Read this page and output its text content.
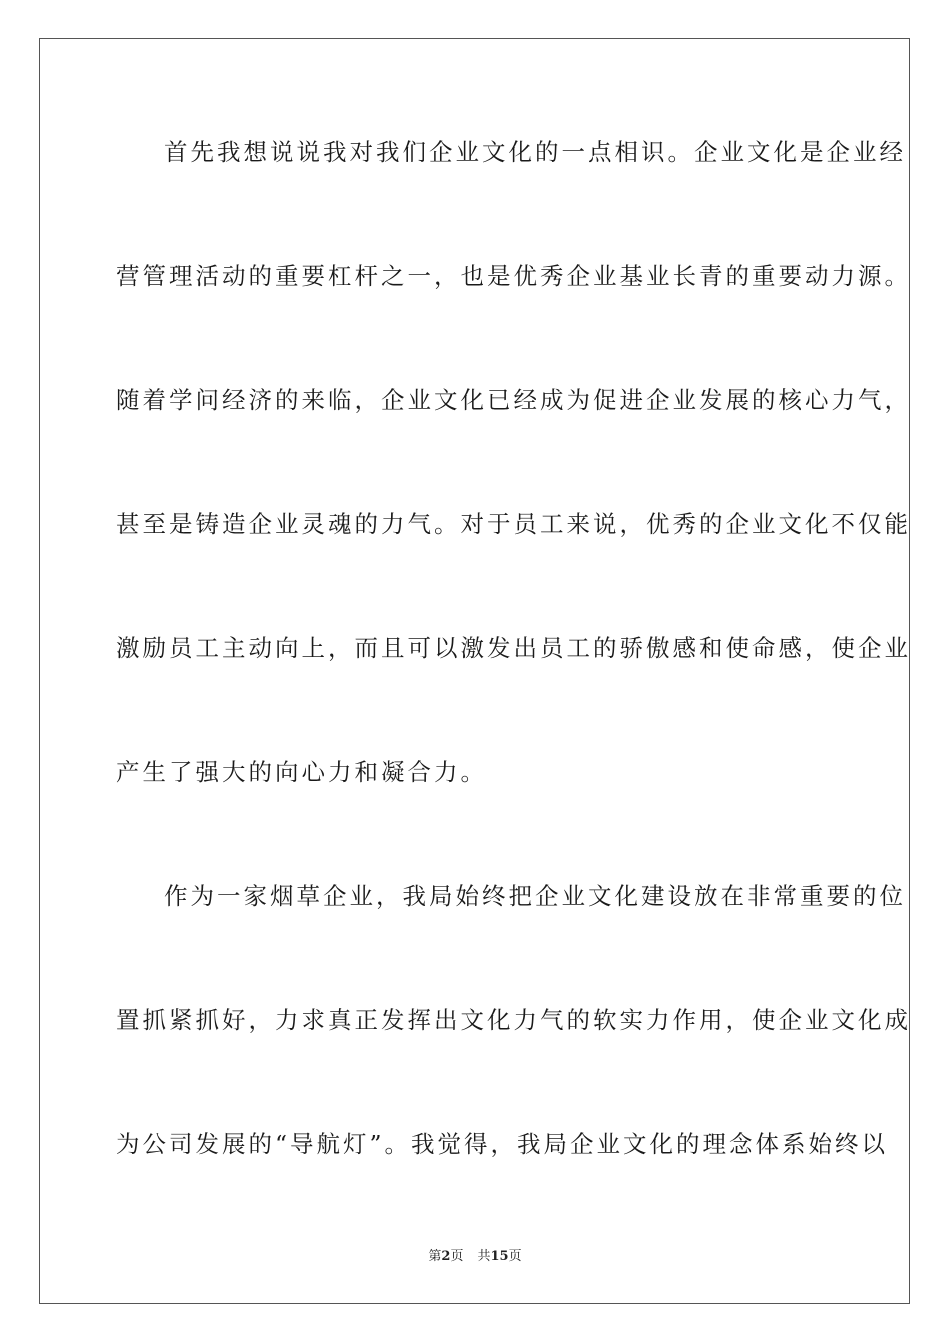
首先我想说说我对我们企业文化的一点相识。企业文化是企业经
营管理活动的重要杠杆之一，也是优秀企业基业长青的重要动力源。
随着学问经济的来临，企业文化已经成为促进企业发展的核心力气，
甚至是铸造企业灵魂的力气。对于员工来说，优秀的企业文化不仅能
激励员工主动向上，而且可以激发出员工的骄傲感和使命感，使企业
产生了强大的向心力和凝合力。
作为一家烟草企业，我局始终把企业文化建设放在非常重要的位
置抓紧抓好，力求真正发挥出文化力气的软实力作用，使企业文化成
为公司发展的“导航灯”。我觉得，我局企业文化的理念体系始终以
第2页 共15页
